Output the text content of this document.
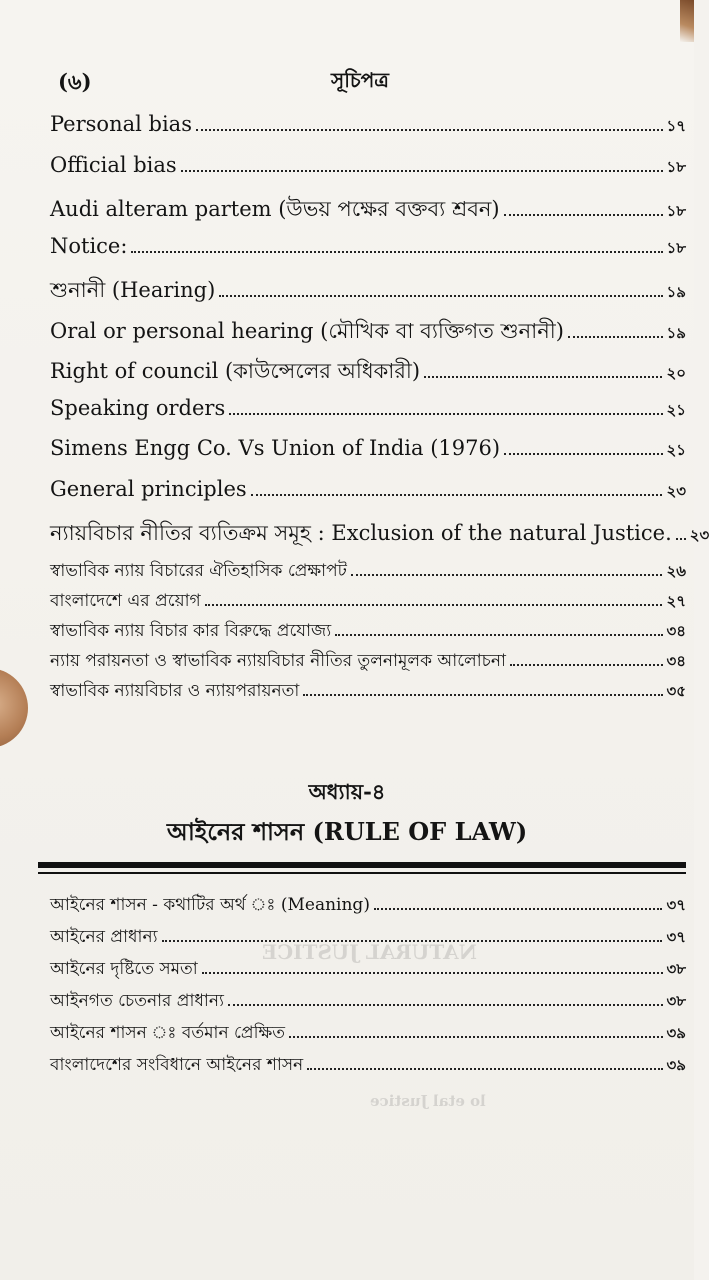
NATURAL JUSTICE
lo etal Justice
(৬)	সূচিপত্র
Personal bias	১৭
Official bias	১৮
Audi alteram partem (উভয় পক্ষের বক্তব্য শ্রবন)	১৮
Notice:	১৮
শুনানী (Hearing)	১৯
Oral or personal hearing (মৌখিক বা ব্যক্তিগত শুনানী)	১৯
Right of council (কাউন্সেলের অধিকারী)	২০
Speaking orders	২১
Simens Engg Co. Vs Union of India (1976)	২১
General principles	২৩
ন্যায়বিচার নীতির ব্যতিক্রম সমূহ : Exclusion of the natural Justice. ২৩
স্বাভাবিক ন্যায় বিচারের ঐতিহাসিক প্রেক্ষাপট	২৬
বাংলাদেশে এর প্রয়োগ	২৭
স্বাভাবিক ন্যায় বিচার কার বিরুদ্ধে প্রযোজ্য	৩৪
ন্যায় পরায়নতা ও স্বাভাবিক ন্যায়বিচার নীতির তুলনামূলক আলোচনা	৩৪
স্বাভাবিক ন্যায়বিচার ও ন্যায়পরায়নতা	৩৫
অধ্যায়-৪
আইনের শাসন (RULE OF LAW)
আইনের শাসন - কথাটির অর্থ ঃ (Meaning)	৩৭
আইনের প্রাধান্য	৩৭
আইনের দৃষ্টিতে সমতা	৩৮
আইনগত চেতনার প্রাধান্য	৩৮
আইনের শাসন ঃ বর্তমান প্রেক্ষিত	৩৯
বাংলাদেশের সংবিধানে আইনের শাসন	৩৯
